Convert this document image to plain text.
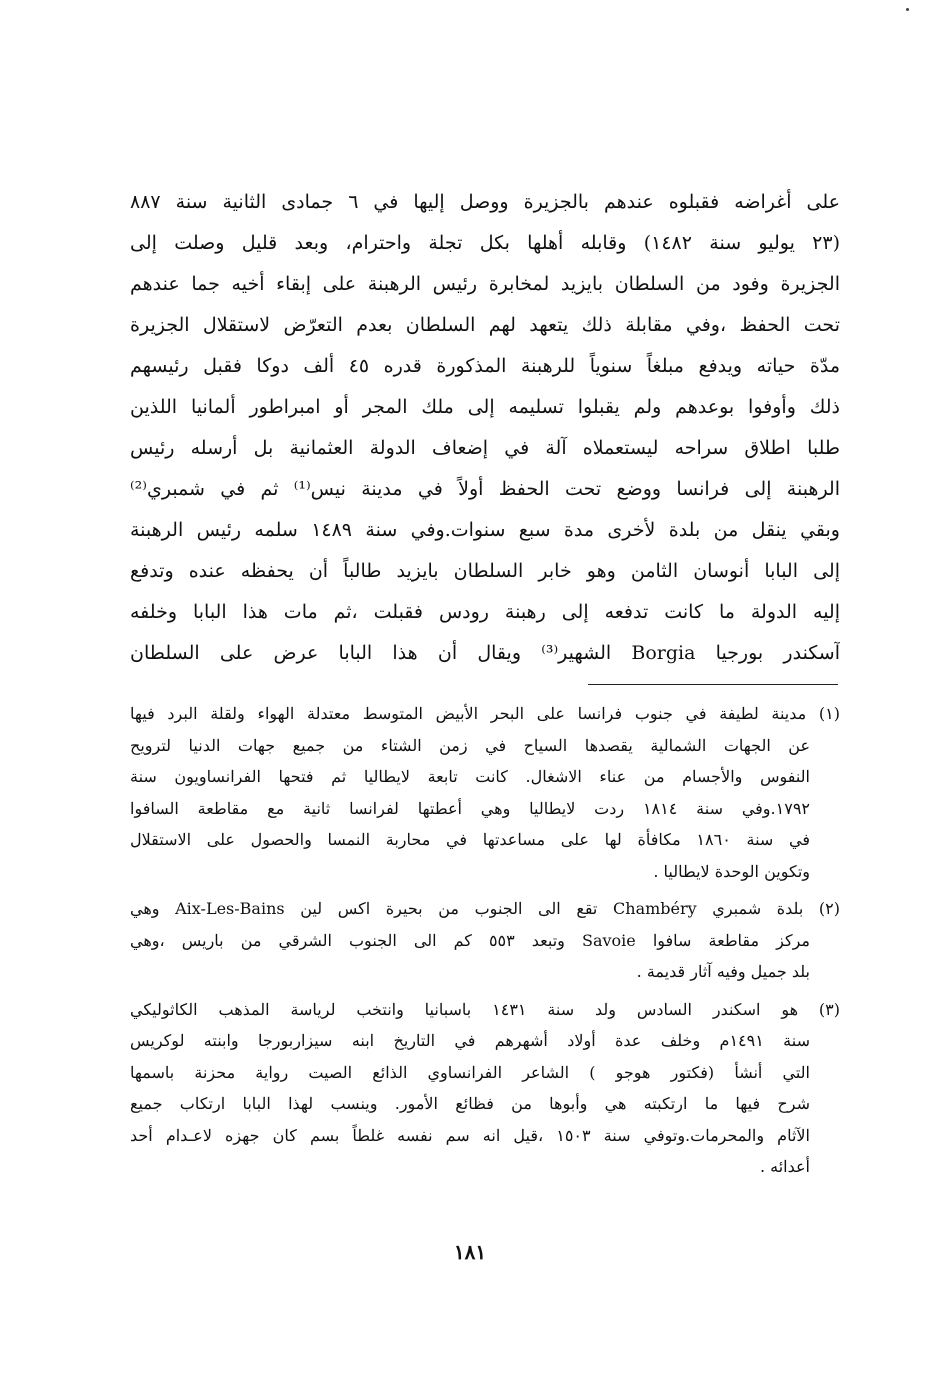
على أغراضه فقبلوه عندهم بالجزيرة ووصل إليها في ٦ جمادى الثانية سنة ٨٨٧
(٢٣ يوليو سنة ١٤٨٢) وقابله أهلها بكل تجلة واحترام، وبعد قليل وصلت إلى
الجزيرة وفود من السلطان بايزيد لمخابرة رئيس الرهبنة على إبقاء أخيه جما عندهم
تحت الحفظ ،وفي مقابلة ذلك يتعهد لهم السلطان بعدم التعرّض لاستقلال الجزيرة
مدّة حياته ويدفع مبلغاً سنوياً للرهبنة المذكورة قدره ٤٥ ألف دوكا فقبل رئيسهم
ذلك وأوفوا بوعدهم ولم يقبلوا تسليمه إلى ملك المجر أو امبراطور ألمانيا اللذين
طلبا اطلاق سراحه ليستعملاه آلة في إضعاف الدولة العثمانية بل أرسله رئيس
الرهبنة إلى فرانسا ووضع تحت الحفظ أولاً في مدينة نيس⁽¹⁾ ثم في شمبري⁽²⁾
وبقي ينقل من بلدة لأخرى مدة سبع سنوات.وفي سنة ١٤٨٩ سلمه رئيس الرهبنة
إلى البابا أنوسان الثامن وهو خابر السلطان بايزيد طالباً أن يحفظه عنده وتدفع
إليه الدولة ما كانت تدفعه إلى رهبنة رودس فقبلت ،ثم مات هذا البابا وخلفه
آسكندر بورجيا Borgia الشهير⁽³⁾ ويقال أن هذا البابا عرض على السلطان
(١) مدينة لطيفة في جنوب فرانسا على البحر الأبيض المتوسط معتدلة الهواء ولقلة البرد فيها
عن الجهات الشمالية يقصدها السياح في زمن الشتاء من جميع جهات الدنيا لترويح
النفوس والأجسام من عناء الاشغال. كانت تابعة لايطاليا ثم فتحها الفرانساويون سنة
١٧٩٢.وفي سنة ١٨١٤ ردت لايطاليا وهي أعطتها لفرانسا ثانية مع مقاطعة السافوا
في سنة ١٨٦٠ مكافأة لها على مساعدتها في محاربة النمسا والحصول على الاستقلال
وتكوين الوحدة لايطاليا .
(٢) بلدة شمبري Chambéry تقع الى الجنوب من بحيرة اكس لين Aix-Les-Bains وهي
مركز مقاطعة سافوا Savoie وتبعد ٥٥٣ كم الى الجنوب الشرقي من باريس ،وهي
بلد جميل وفيه آثار قديمة .
(٣) هو اسكندر السادس ولد سنة ١٤٣١ باسبانيا وانتخب لرياسة المذهب الكاثوليكي
سنة ١٤٩١م وخلف عدة أولاد أشهرهم في التاريخ ابنه سيزاربورجا وابنته لوكريس
التي أنشأ (فكتور هوجو ) الشاعر الفرانساوي الذائع الصيت رواية محزنة باسمها
شرح فيها ما ارتكبته هي وأبوها من فظائع الأمور. وينسب لهذا البابا ارتكاب جميع
الآثام والمحرمات.وتوفي سنة ١٥٠٣ ،قيل انه سم نفسه غلطاً بسم كان جهزه لاعـدام أحد
أعدائه .
١٨١
